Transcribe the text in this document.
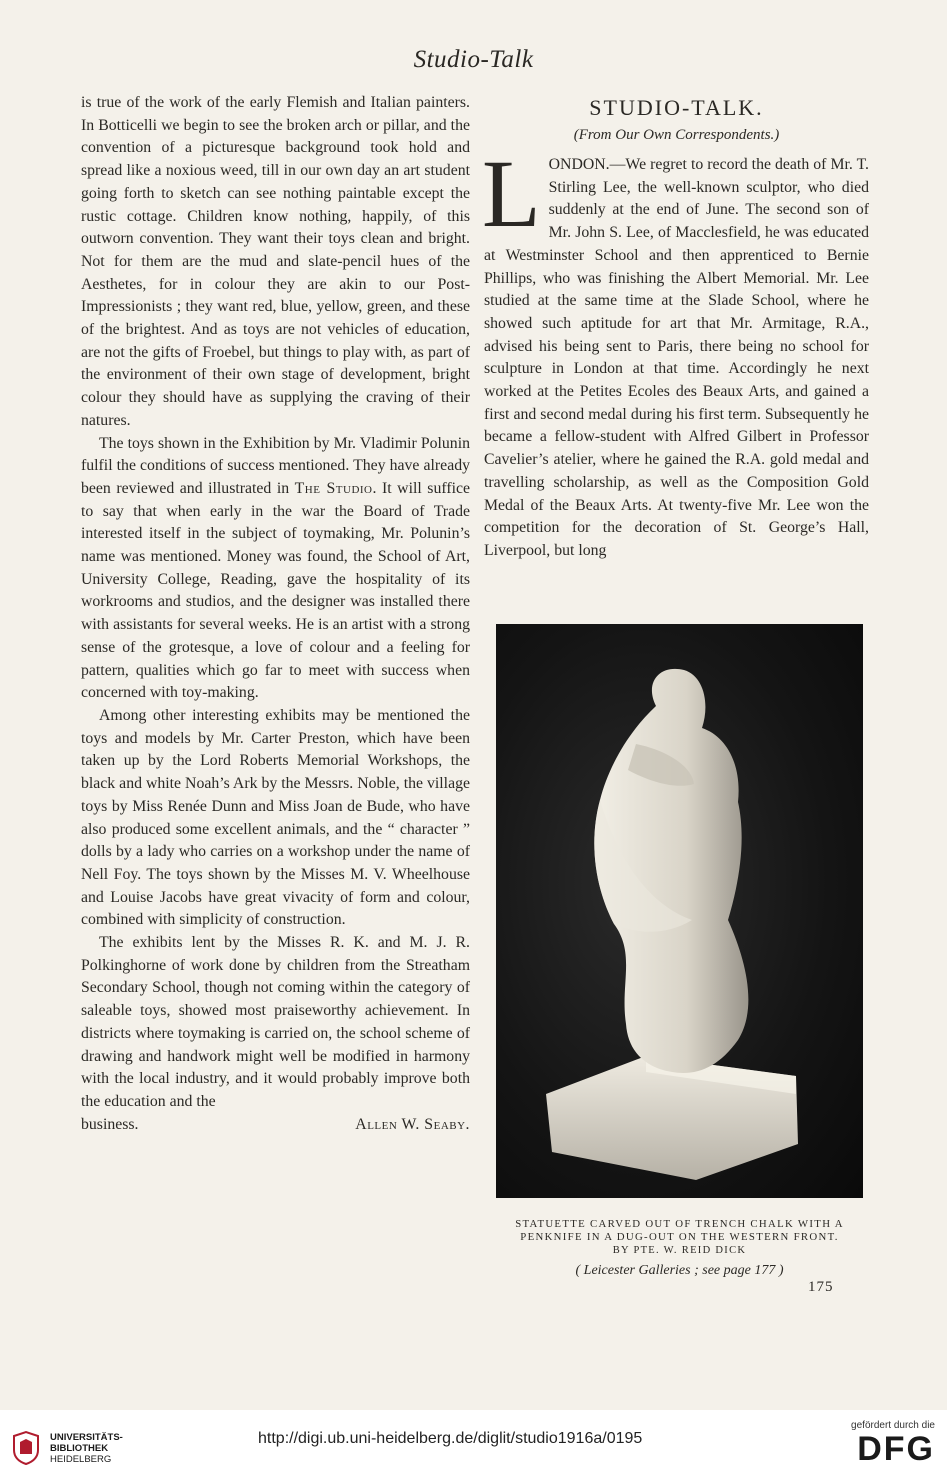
Studio-Talk

is true of the work of the early Flemish and Italian painters. In Botticelli we begin to see the broken arch or pillar, and the convention of a picturesque background took hold and spread like a noxious weed, till in our own day an art student going forth to sketch can see nothing paintable except the rustic cottage. Children know nothing, happily, of this outworn convention. They want their toys clean and bright. Not for them are the mud and slate-pencil hues of the Aesthetes, for in colour they are akin to our Post-Impressionists ; they want red, blue, yellow, green, and these of the brightest. And as toys are not vehicles of education, are not the gifts of Froebel, but things to play with, as part of the environment of their own stage of development, bright colour they should have as supplying the craving of their natures.

The toys shown in the Exhibition by Mr. Vladimir Polunin fulfil the conditions of success mentioned. They have already been reviewed and illustrated in The Studio. It will suffice to say that when early in the war the Board of Trade interested itself in the subject of toymaking, Mr. Polunin’s name was mentioned. Money was found, the School of Art, University College, Reading, gave the hospitality of its workrooms and studios, and the designer was installed there with assistants for several weeks. He is an artist with a strong sense of the grotesque, a love of colour and a feeling for pattern, qualities which go far to meet with success when concerned with toy-making.

Among other interesting exhibits may be mentioned the toys and models by Mr. Carter Preston, which have been taken up by the Lord Roberts Memorial Workshops, the black and white Noah’s Ark by the Messrs. Noble, the village toys by Miss Renée Dunn and Miss Joan de Bude, who have also produced some excellent animals, and the “ character ” dolls by a lady who carries on a workshop under the name of Nell Foy. The toys shown by the Misses M. V. Wheelhouse and Louise Jacobs have great vivacity of form and colour, combined with simplicity of construction.

The exhibits lent by the Misses R. K. and M. J. R. Polkinghorne of work done by children from the Streatham Secondary School, though not coming within the category of saleable toys, showed most praiseworthy achievement. In districts where toymaking is carried on, the school scheme of drawing and handwork might well be modified in harmony with the local industry, and it would probably improve both the education and the

business.	Allen W. Seaby.
STUDIO-TALK.
(From Our Own Correspondents.)

LONDON.—We regret to record the death of Mr. T. Stirling Lee, the well-known sculptor, who died suddenly at the end of June. The second son of Mr. John S. Lee, of Macclesfield, he was educated at Westminster School and then apprenticed to Bernie Phillips, who was finishing the Albert Memorial. Mr. Lee studied at the same time at the Slade School, where he showed such aptitude for art that Mr. Armitage, R.A., advised his being sent to Paris, there being no school for sculpture in London at that time. Accordingly he next worked at the Petites Ecoles des Beaux Arts, and gained a first and second medal during his first term. Subsequently he became a fellow-student with Alfred Gilbert in Professor Cavelier’s atelier, where he gained the R.A. gold medal and travelling scholarship, as well as the Composition Gold Medal of the Beaux Arts. At twenty-five Mr. Lee won the competition for the decoration of St. George’s Hall, Liverpool, but long

STATUETTE CARVED OUT OF TRENCH CHALK WITH A
PENKNIFE IN A DUG-OUT ON THE WESTERN FRONT.
BY PTE. W. REID DICK
( Leicester Galleries ; see page 177 )
175
UNIVERSITÄTS-
BIBLIOTHEK
HEIDELBERG
http://digi.ub.uni-heidelberg.de/diglit/studio1916a/0195
gefördert durch die
DFG
